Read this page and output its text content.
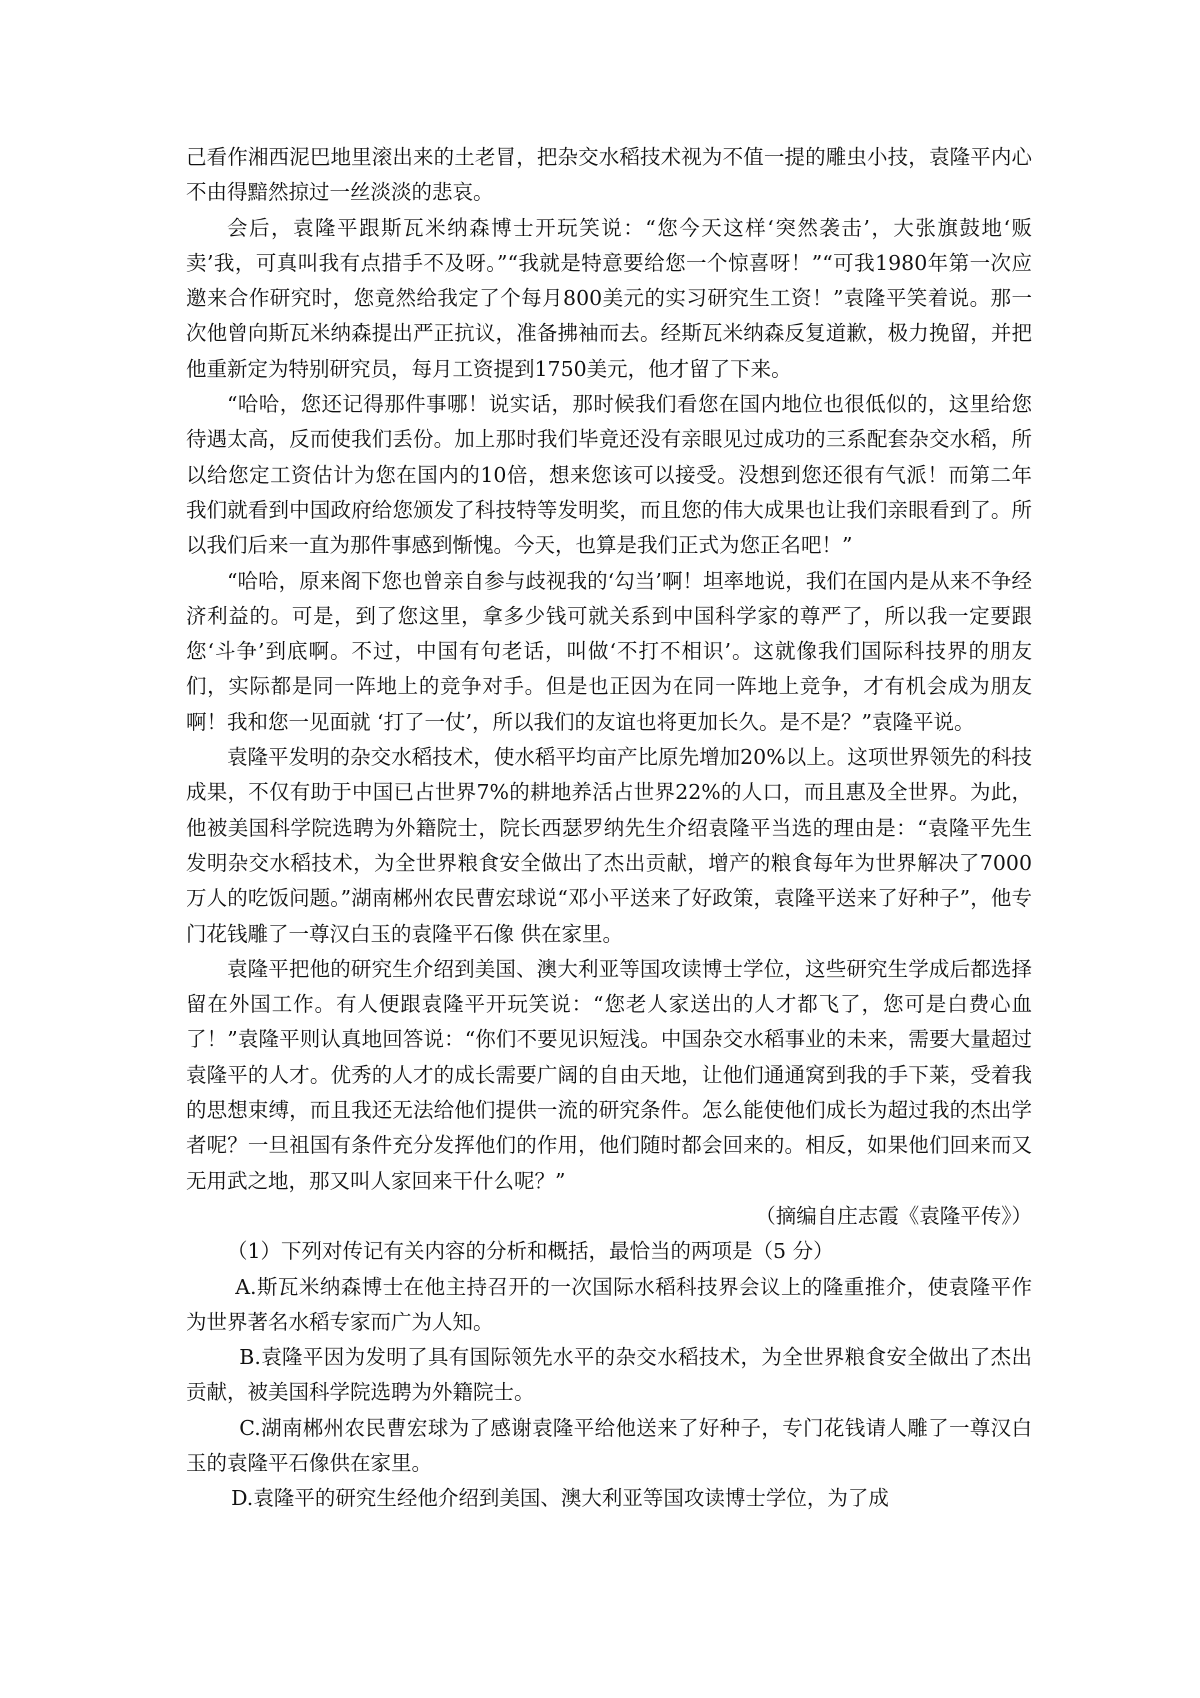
己看作湘西泥巴地里滚出来的土老冒，把杂交水稻技术视为不值一提的雕虫小技，袁隆平内心不由得黯然掠过一丝淡淡的悲哀。

会后，袁隆平跟斯瓦米纳森博士开玩笑说：“您今天这样‘突然袭击’，大张旗鼓地‘贩卖’我，可真叫我有点措手不及呀。”“我就是特意要给您一个惊喜呀！”“可我1980年第一次应邀来合作研究时，您竟然给我定了个每月800美元的实习研究生工资！”袁隆平笑着说。那一次他曾向斯瓦米纳森提出严正抗议，准备拂袖而去。经斯瓦米纳森反复道歉，极力挽留，并把他重新定为特别研究员，每月工资提到1750美元，他才留了下来。

“哈哈，您还记得那件事哪！说实话，那时候我们看您在国内地位也很低似的，这里给您待遇太高，反而使我们丢份。加上那时我们毕竟还没有亲眼见过成功的三系配套杂交水稻，所以给您定工资估计为您在国内的10倍，想来您该可以接受。没想到您还很有气派！而第二年我们就看到中国政府给您颁发了科技特等发明奖，而且您的伟大成果也让我们亲眼看到了。所以我们后来一直为那件事感到惭愧。今天，也算是我们正式为您正名吧！”

“哈哈，原来阁下您也曾亲自参与歧视我的‘勾当’啊！坦率地说，我们在国内是从来不争经济利益的。可是，到了您这里，拿多少钱可就关系到中国科学家的尊严了，所以我一定要跟您‘斗争’到底啊。不过，中国有句老话，叫做‘不打不相识’。这就像我们国际科技界的朋友们，实际都是同一阵地上的竞争对手。但是也正因为在同一阵地上竞争，才有机会成为朋友啊！我和您一见面就 ‘打了一仗’，所以我们的友谊也将更加长久。是不是？”袁隆平说。

袁隆平发明的杂交水稻技术，使水稻平均亩产比原先增加20%以上。这项世界领先的科技成果，不仅有助于中国已占世界7%的耕地养活占世界22%的人口，而且惠及全世界。为此，他被美国科学院选聘为外籍院士，院长西瑟罗纳先生介绍袁隆平当选的理由是：“袁隆平先生发明杂交水稻技术，为全世界粮食安全做出了杰出贡献，增产的粮食每年为世界解决了7000万人的吃饭问题。”湖南郴州农民曹宏球说“邓小平送来了好政策，袁隆平送来了好种子”，他专门花钱雕了一尊汉白玉的袁隆平石像 供在家里。

袁隆平把他的研究生介绍到美国、澳大利亚等国攻读博士学位，这些研究生学成后都选择留在外国工作。有人便跟袁隆平开玩笑说：“您老人家送出的人才都飞了，您可是白费心血了！”袁隆平则认真地回答说：“你们不要见识短浅。中国杂交水稻事业的未来，需要大量超过袁隆平的人才。优秀的人才的成长需要广阔的自由天地，让他们通通窝到我的手下莱，受着我的思想束缚，而且我还无法给他们提供一流的研究条件。怎么能使他们成长为超过我的杰出学者呢？一旦祖国有条件充分发挥他们的作用，他们随时都会回来的。相反，如果他们回来而又无用武之地，那又叫人家回来干什么呢？”

（摘编自庄志霞《袁隆平传》）

（1）下列对传记有关内容的分析和概括，最恰当的两项是（5 分）

A.斯瓦米纳森博士在他主持召开的一次国际水稻科技界会议上的隆重推介，使袁隆平作为世界著名水稻专家而广为人知。

B.袁隆平因为发明了具有国际领先水平的杂交水稻技术，为全世界粮食安全做出了杰出贡献，被美国科学院选聘为外籍院士。

C.湖南郴州农民曹宏球为了感谢袁隆平给他送来了好种子，专门花钱请人雕了一尊汉白玉的袁隆平石像供在家里。

D.袁隆平的研究生经他介绍到美国、澳大利亚等国攻读博士学位，为了成
